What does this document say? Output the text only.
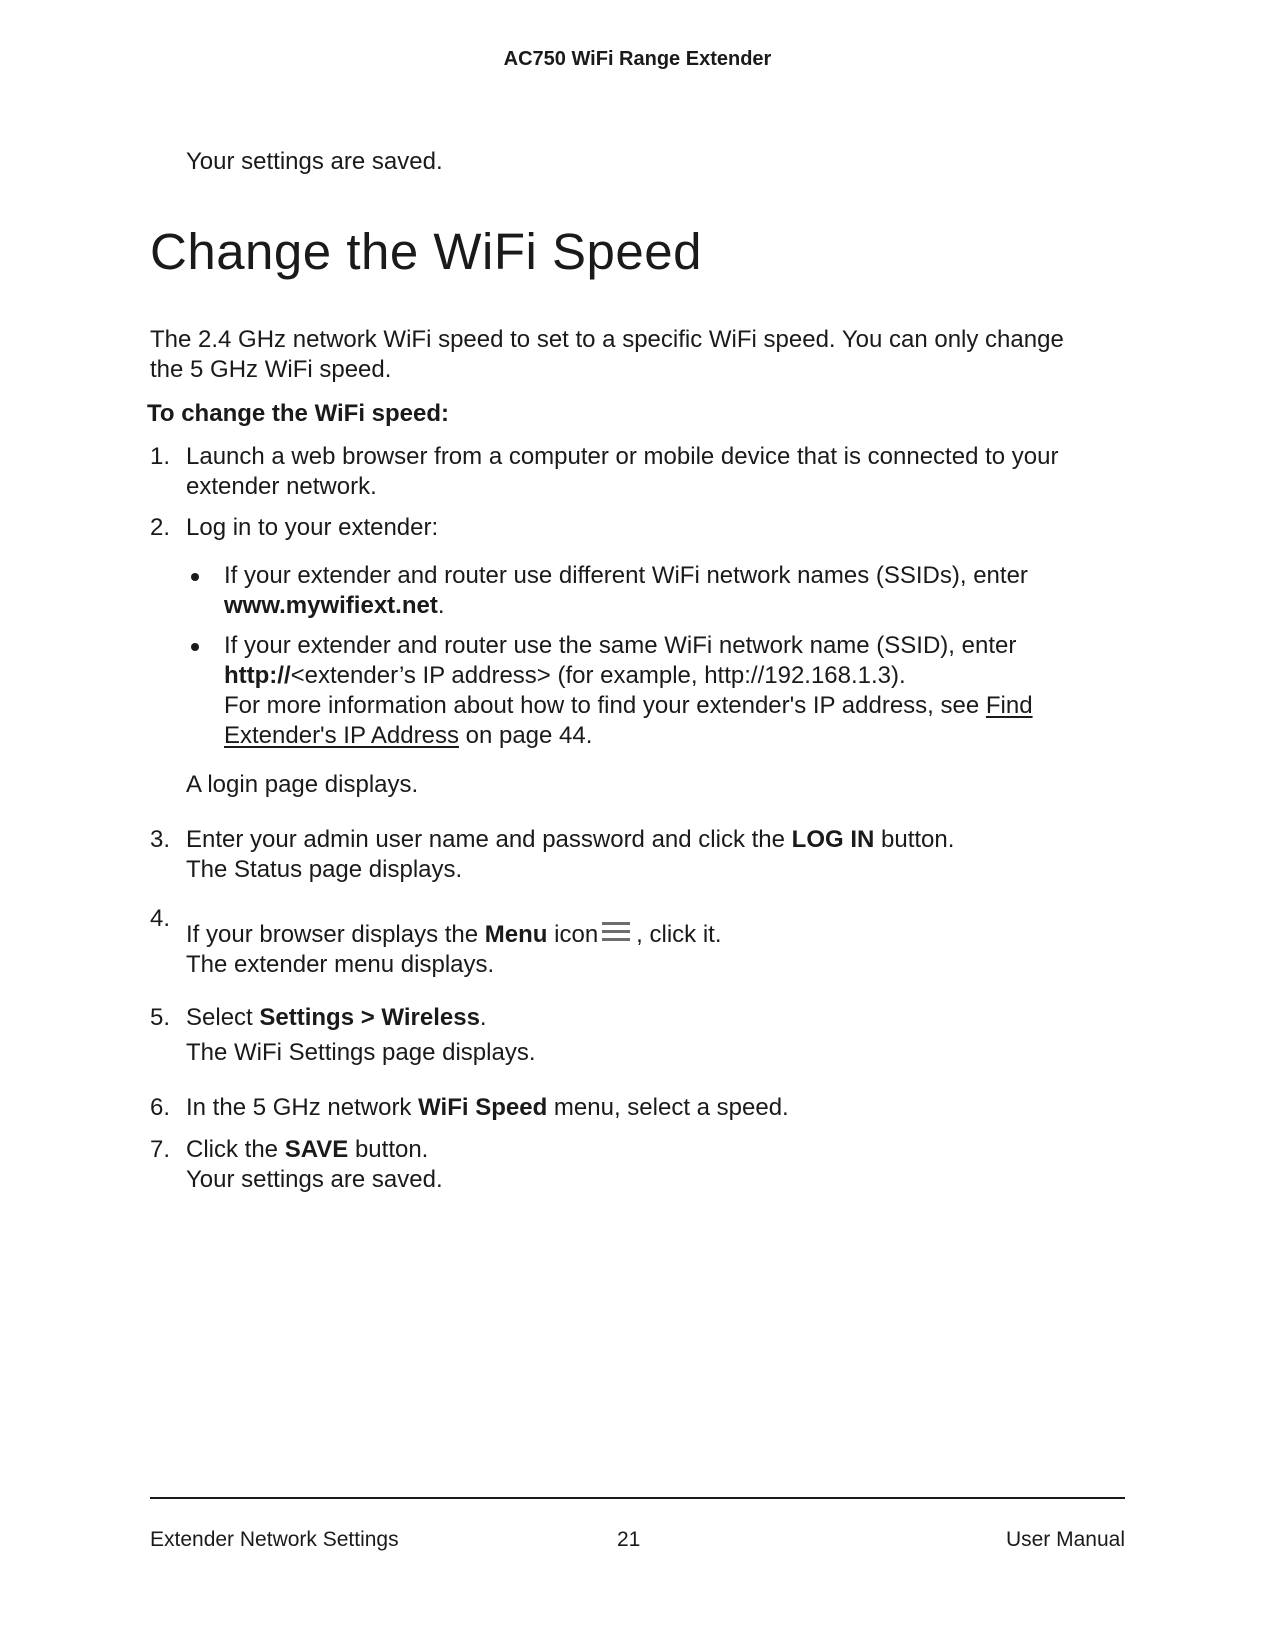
AC750 WiFi Range Extender
Your settings are saved.
Change the WiFi Speed
The 2.4 GHz network WiFi speed to set to a specific WiFi speed. You can only change
the 5 GHz WiFi speed.
To change the WiFi speed:
1. Launch a web browser from a computer or mobile device that is connected to your
extender network.
2. Log in to your extender:
If your extender and router use different WiFi network names (SSIDs), enter
www.mywifiext.net.
If your extender and router use the same WiFi network name (SSID), enter
http://<extender’s IP address> (for example, http://192.168.1.3).
For more information about how to find your extender's IP address, see Find
Extender's IP Address on page 44.
A login page displays.
3. Enter your admin user name and password and click the LOG IN button.
The Status page displays.
4.
If your browser displays the Menu icon , click it.
The extender menu displays.
5. Select Settings > Wireless.
The WiFi Settings page displays.
6. In the 5 GHz network WiFi Speed menu, select a speed.
7. Click the SAVE button.
Your settings are saved.
Extender Network Settings	21	User Manual
